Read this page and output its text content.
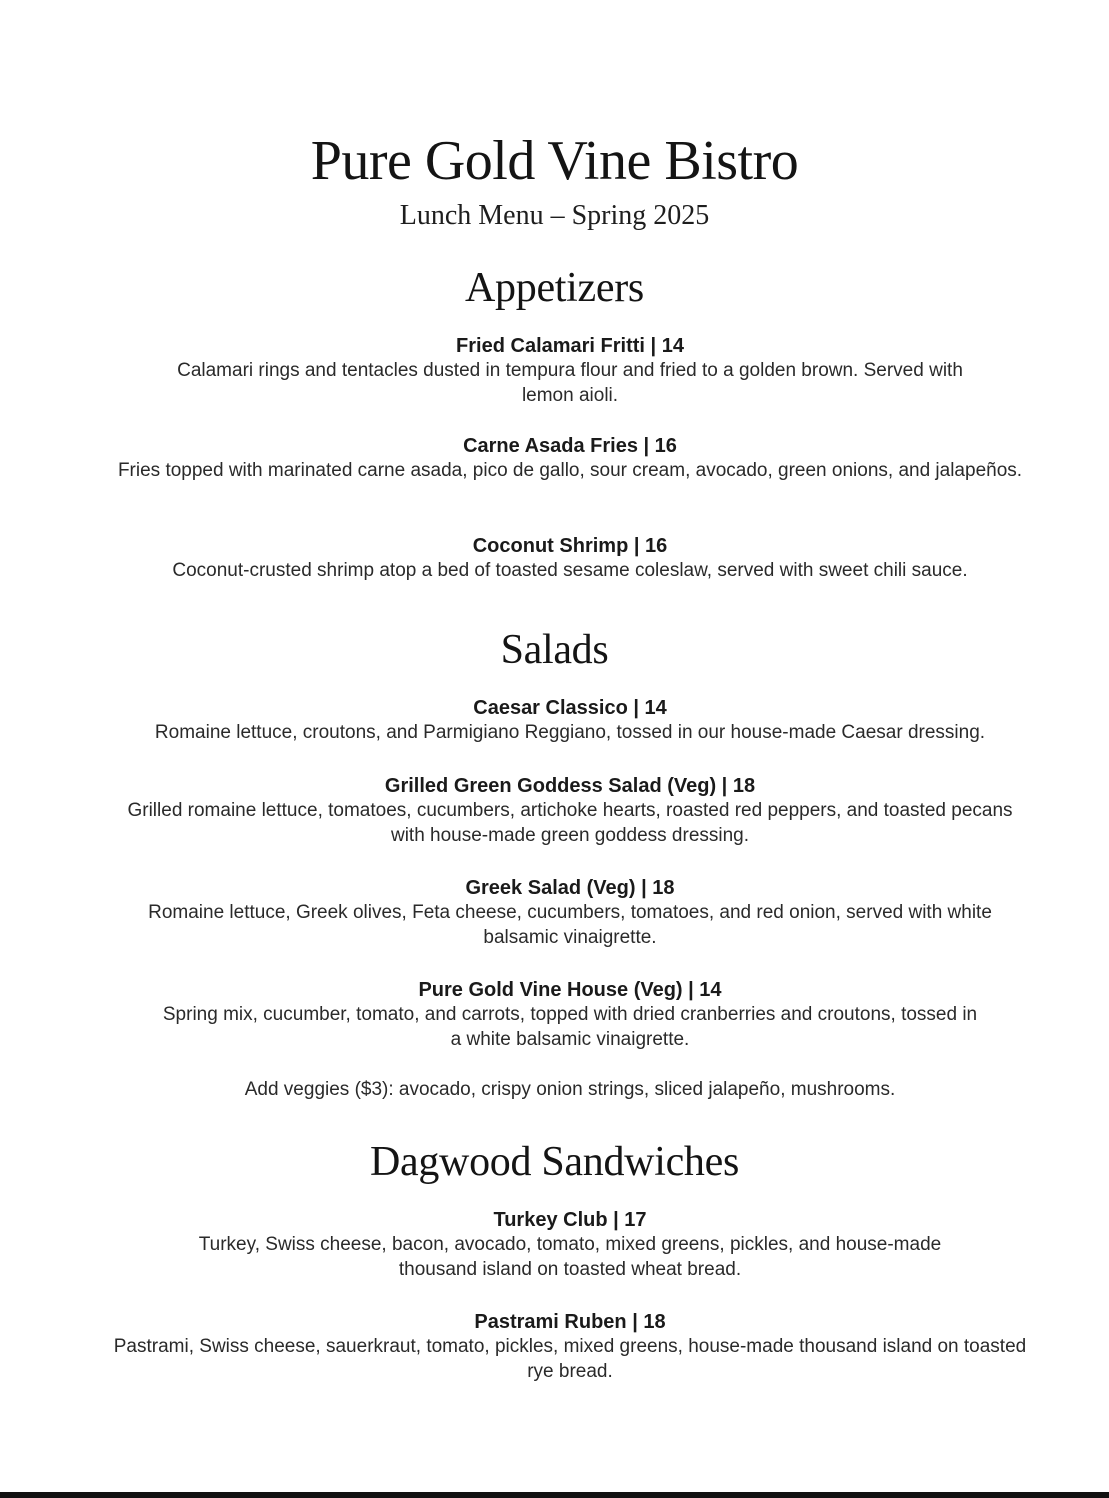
Pure Gold Vine Bistro
Lunch Menu – Spring 2025
Appetizers
Fried Calamari Fritti | 14
Calamari rings and tentacles dusted in tempura flour and fried to a golden brown. Served with lemon aioli.
Carne Asada Fries | 16
Fries topped with marinated carne asada, pico de gallo, sour cream, avocado, green onions, and jalapeños.
Coconut Shrimp | 16
Coconut-crusted shrimp atop a bed of toasted sesame coleslaw, served with sweet chili sauce.
Salads
Caesar Classico | 14
Romaine lettuce, croutons, and Parmigiano Reggiano, tossed in our house-made Caesar dressing.
Grilled Green Goddess Salad (Veg) | 18
Grilled romaine lettuce, tomatoes, cucumbers, artichoke hearts, roasted red peppers, and toasted pecans with house-made green goddess dressing.
Greek Salad (Veg) | 18
Romaine lettuce, Greek olives, Feta cheese, cucumbers, tomatoes, and red onion, served with white balsamic vinaigrette.
Pure Gold Vine House (Veg) | 14
Spring mix, cucumber, tomato, and carrots, topped with dried cranberries and croutons, tossed in a white balsamic vinaigrette.
Add veggies ($3): avocado, crispy onion strings, sliced jalapeño, mushrooms.
Dagwood Sandwiches
Turkey Club | 17
Turkey, Swiss cheese, bacon, avocado, tomato, mixed greens, pickles, and house-made thousand island on toasted wheat bread.
Pastrami Ruben | 18
Pastrami, Swiss cheese, sauerkraut, tomato, pickles, mixed greens, house-made thousand island on toasted rye bread.
